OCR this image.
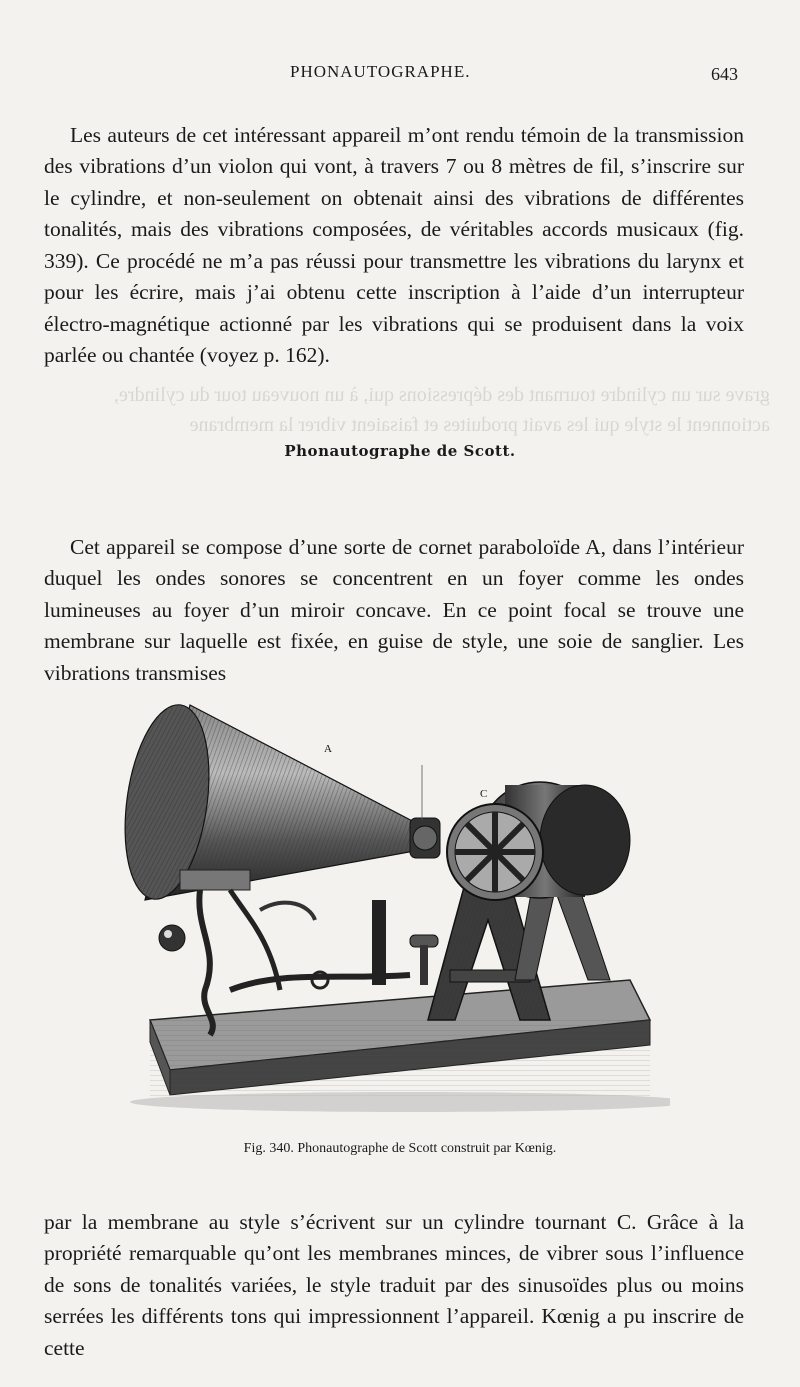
grave sur un cylindre tournant des dépressions qui, à un nouveau tour du cylindre, actionnent le style qui les avait produites et faisaient vibrer la membrane
PHONAUTOGRAPHE.	643

Les auteurs de cet intéressant appareil m’ont rendu témoin de la transmission des vibrations d’un violon qui vont, à travers 7 ou 8 mètres de fil, s’inscrire sur le cylindre, et non-seulement on obtenait ainsi des vibrations de différentes tonalités, mais des vibrations composées, de véritables accords musicaux (fig. 339). Ce procédé ne m’a pas réussi pour transmettre les vibrations du larynx et pour les écrire, mais j’ai obtenu cette inscription à l’aide d’un interrupteur électro-magnétique actionné par les vibrations qui se produisent dans la voix parlée ou chantée (voyez p. 162).

Phonautographe de Scott.

Cet appareil se compose d’une sorte de cornet paraboloïde A, dans l’intérieur duquel les ondes sonores se concentrent en un foyer comme les ondes lumineuses au foyer d’un miroir concave. En ce point focal se trouve une membrane sur laquelle est fixée, en guise de style, une soie de sanglier. Les vibrations transmises

A
C
Fig. 340. Phonautographe de Scott construit par Kœnig.

par la membrane au style s’écrivent sur un cylindre tournant C. Grâce à la propriété remarquable qu’ont les membranes minces, de vibrer sous l’influence de sons de tonalités variées, le style traduit par des sinusoïdes plus ou moins serrées les différents tons qui impressionnent l’appareil. Kœnig a pu inscrire de cette
